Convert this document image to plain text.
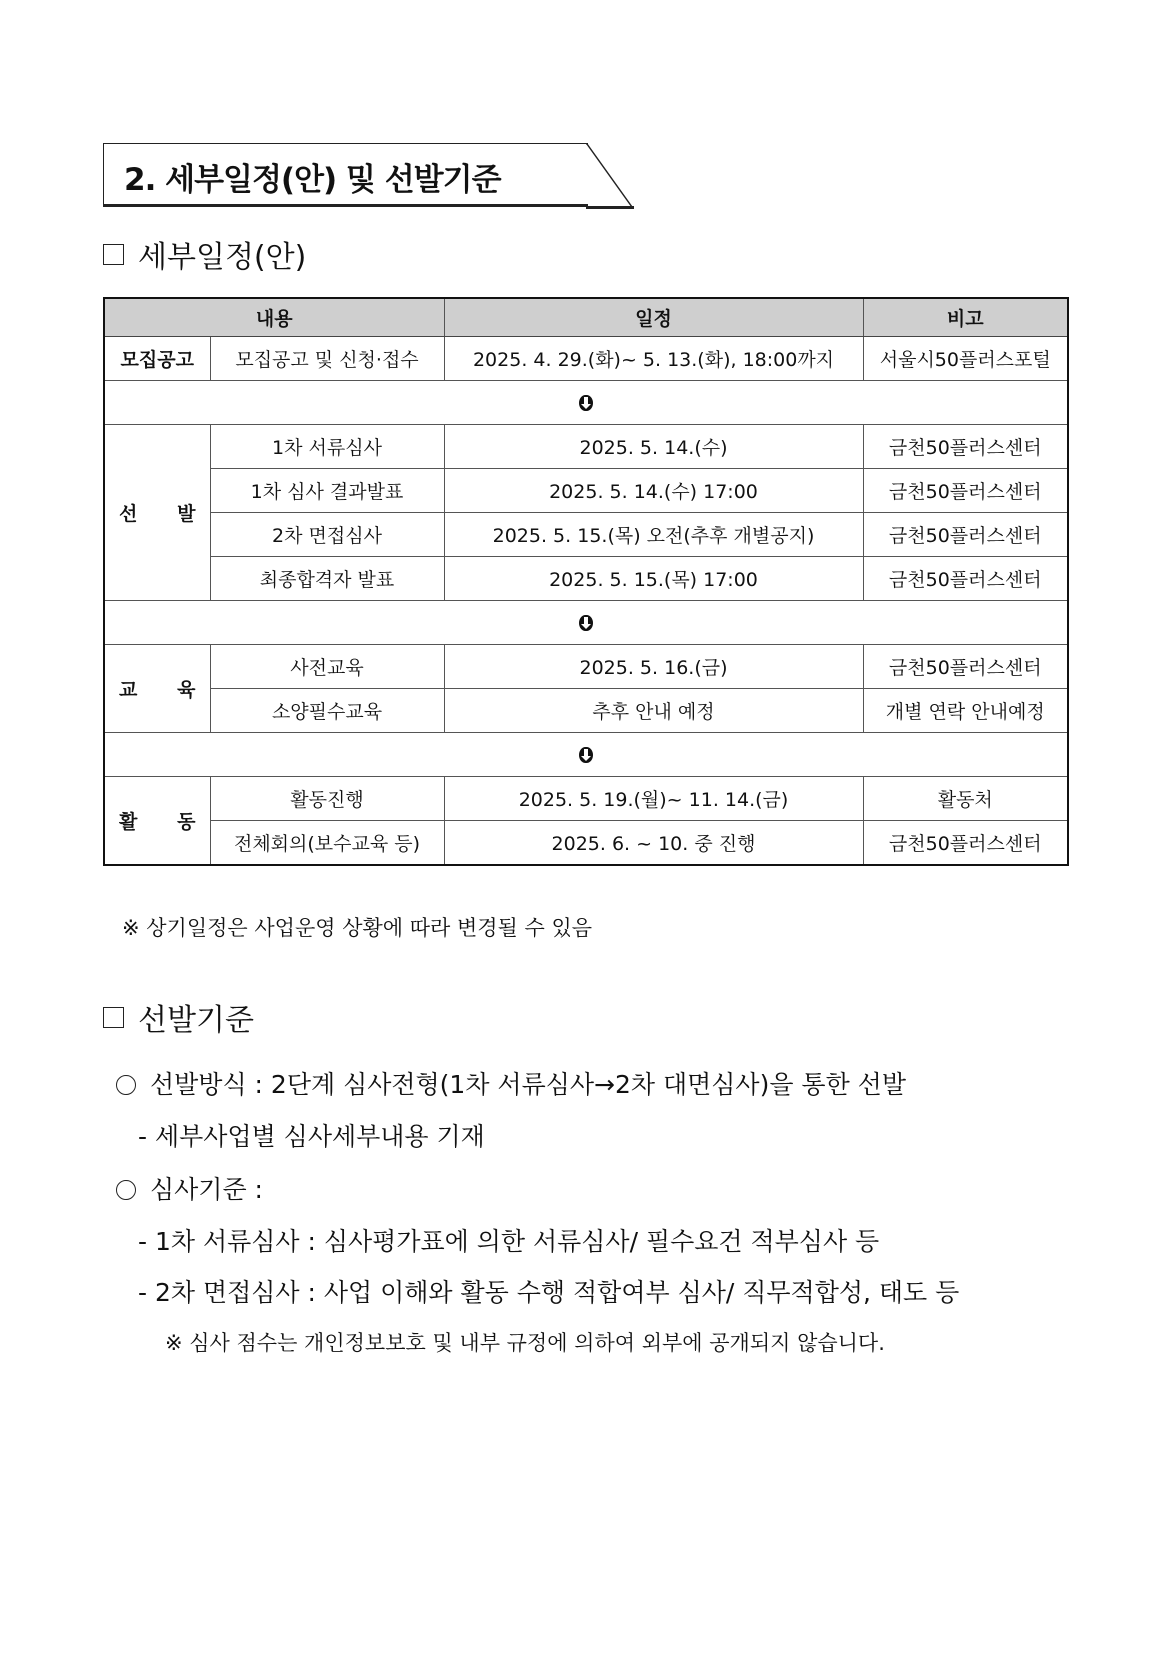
2. 세부일정(안) 및 선발기준
세부일정(안)
내용		일정	비고
모집공고	모집공고 및 신청·접수	2025. 4. 29.(화)~ 5. 13.(화), 18:00까지	서울시50플러스포털

선 발	1차 서류심사	2025. 5. 14.(수)	금천50플러스센터
	1차 심사 결과발표	2025. 5. 14.(수) 17:00	금천50플러스센터
	2차 면접심사	2025. 5. 15.(목) 오전(추후 개별공지)	금천50플러스센터
	최종합격자 발표	2025. 5. 15.(목) 17:00	금천50플러스센터

교 육	사전교육	2025. 5. 16.(금)	금천50플러스센터
	소양필수교육	추후 안내 예정	개별 연락 안내예정

활 동	활동진행	2025. 5. 19.(월)~ 11. 14.(금)	활동처
	전체회의(보수교육 등)	2025. 6. ~ 10. 중 진행	금천50플러스센터
※ 상기일정은 사업운영 상황에 따라 변경될 수 있음
선발기준
선발방식 : 2단계 심사전형(1차 서류심사→2차 대면심사)을 통한 선발
- 세부사업별 심사세부내용 기재
심사기준 :
- 1차 서류심사 : 심사평가표에 의한 서류심사/ 필수요건 적부심사 등
- 2차 면접심사 : 사업 이해와 활동 수행 적합여부 심사/ 직무적합성, 태도 등
※ 심사 점수는 개인정보보호 및 내부 규정에 의하여 외부에 공개되지 않습니다.
